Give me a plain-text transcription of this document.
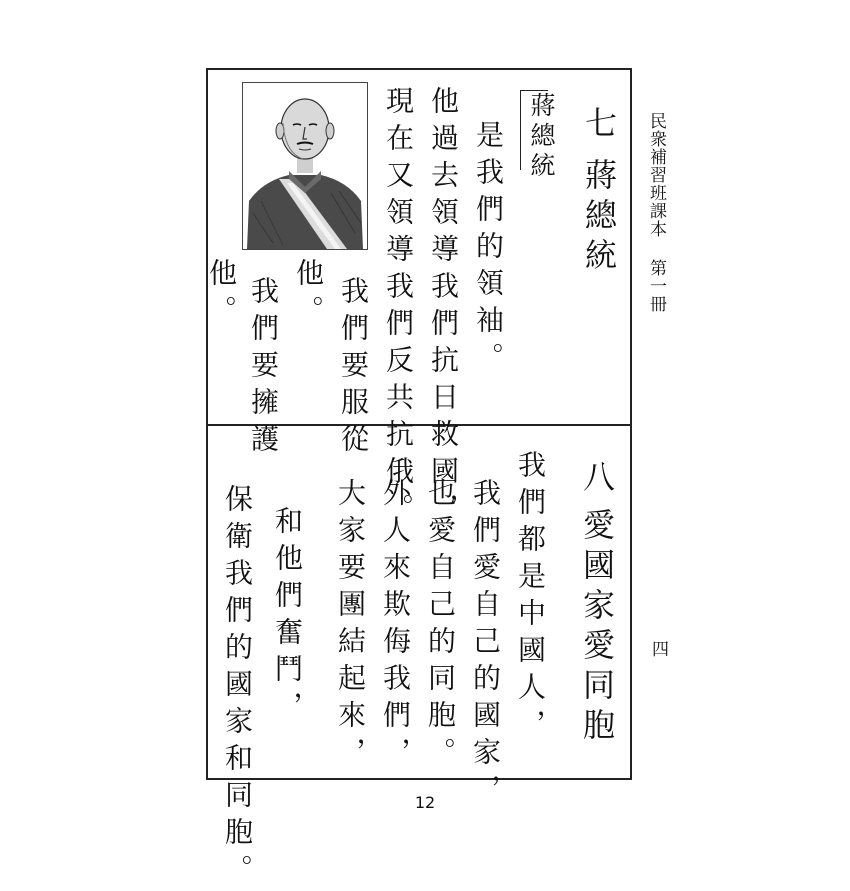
民衆補習班課本 第一冊
四
12
七
蔣總統
蔣總統
是我們的領袖。
他過去領導我們抗日救國，
現在又領導我們反共抗俄。
我們要服從
他。
我們要擁護
他。
八
愛國家愛同胞
我們都是中國人，
我們愛自己的國家，
也愛自己的同胞。
外人來欺侮我們，
大家要團結起來，
和他們奮鬥，
保衛我們的國家和同胞。
